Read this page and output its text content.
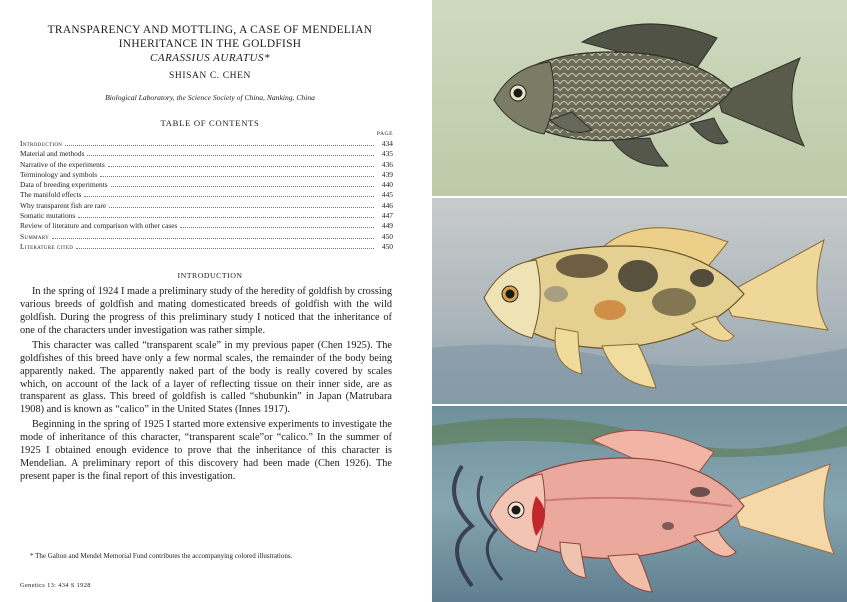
TRANSPARENCY AND MOTTLING, A CASE OF MENDELIAN
INHERITANCE IN THE GOLDFISH
CARASSIUS AURATUS*
SHISAN C. CHEN
Biological Laboratory, the Science Society of China, Nanking, China
TABLE OF CONTENTS
PAGE
Introduction	434
Material and methods	435
Narrative of the experiments	436
Terminology and symbols	439
Data of breeding experiments	440
The manifold effects	445
Why transparent fish are rare	446
Somatic mutations	447
Review of literature and comparison with other cases	449
Summary	450
Literature cited	450
INTRODUCTION

In the spring of 1924 I made a preliminary study of the heredity of goldfish by crossing various breeds of goldfish and mating domesticated breeds of goldfish with the wild goldfish. During the progress of this preliminary study I noticed that the inheritance of one of the characters under investigation was rather simple.

This character was called “transparent scale” in my previous paper (Chen 1925). The goldfishes of this breed have only a few normal scales, the remainder of the body being apparently naked. The apparently naked part of the body is really covered by scales which, on account of the lack of a layer of reflecting tissue on their inner side, are as transparent as glass. This breed of goldfish is called “shubunkin” in Japan (Matrubara 1908) and is known as “calico” in the United States (Innes 1917).

Beginning in the spring of 1925 I started more extensive experiments to investigate the mode of inheritance of this character, “transparent scale”or “calico.” In the summer of 1925 I obtained enough evidence to prove that the inheritance of this character is Mendelian. A preliminary report of this discovery had been made (Chen 1926). The present paper is the final report of this investigation.

* The Galton and Mendel Memorial Fund contributes the accompanying colored illustrations.
Genetics 13: 434 S 1928
